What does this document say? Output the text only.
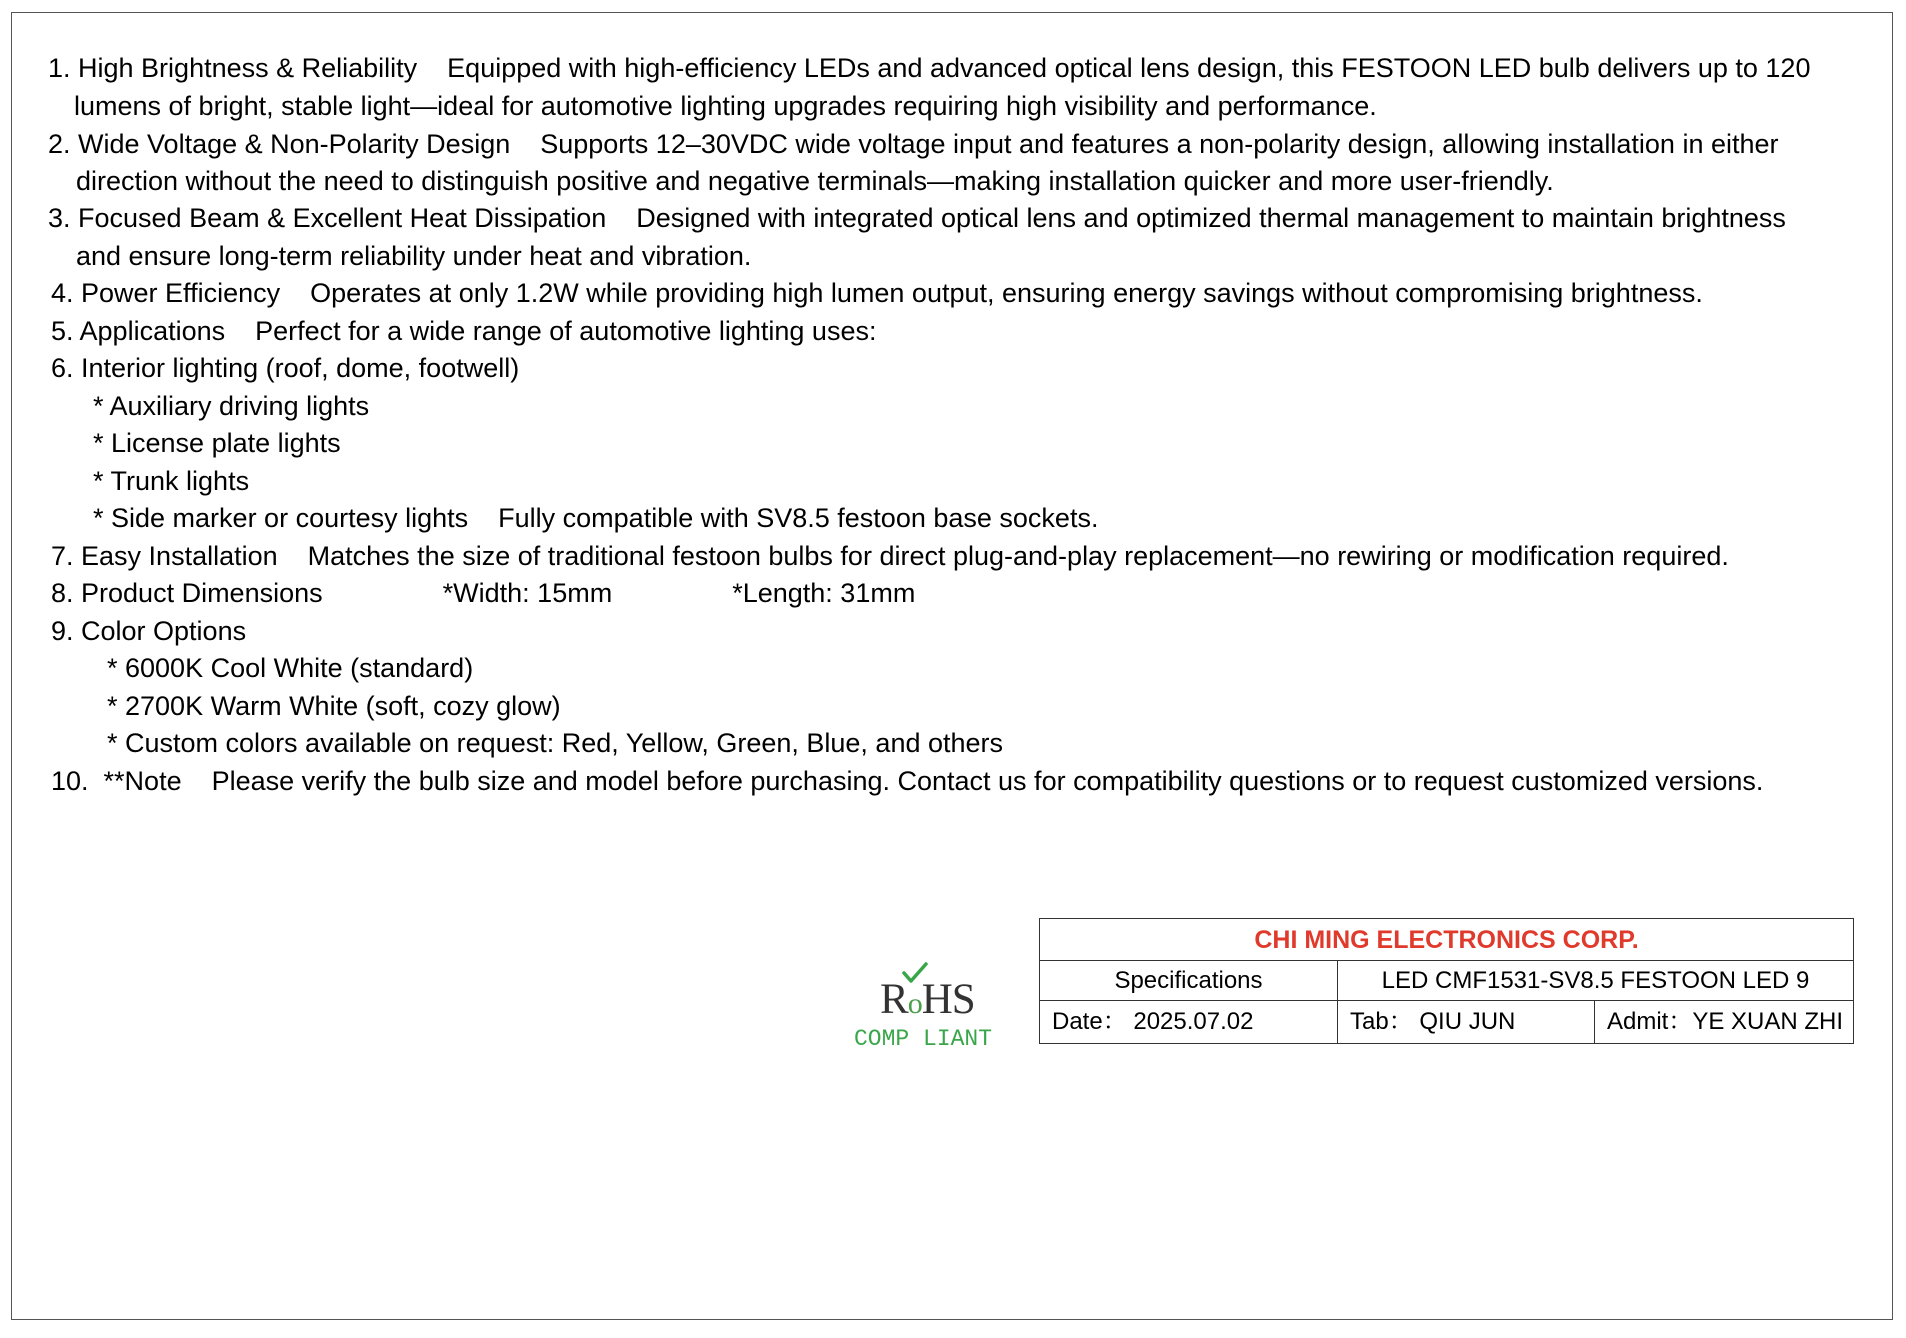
1. High Brightness & Reliability    Equipped with high-efficiency LEDs and advanced optical lens design, this FESTOON LED bulb delivers up to 120
lumens of bright, stable light—ideal for automotive lighting upgrades requiring high visibility and performance.
2. Wide Voltage & Non-Polarity Design    Supports 12–30VDC wide voltage input and features a non-polarity design, allowing installation in either
direction without the need to distinguish positive and negative terminals—making installation quicker and more user-friendly.
3. Focused Beam & Excellent Heat Dissipation    Designed with integrated optical lens and optimized thermal management to maintain brightness
and ensure long-term reliability under heat and vibration.
4. Power Efficiency    Operates at only 1.2W while providing high lumen output, ensuring energy savings without compromising brightness.
5. Applications    Perfect for a wide range of automotive lighting uses:
6. Interior lighting (roof, dome, footwell)
* Auxiliary driving lights
* License plate lights
* Trunk lights
* Side marker or courtesy lights    Fully compatible with SV8.5 festoon base sockets.
7. Easy Installation    Matches the size of traditional festoon bulbs for direct plug-and-play replacement—no rewiring or modification required.
8. Product Dimensions                *Width: 15mm                *Length: 31mm
9. Color Options
* 6000K Cool White (standard)
* 2700K Warm White (soft, cozy glow)
* Custom colors available on request: Red, Yellow, Green, Blue, and others
10.  **Note    Please verify the bulb size and model before purchasing. Contact us for compatibility questions or to request customized versions.
RoHS
COMP LIANT
CHI MING ELECTRONICS CORP.
Specifications	LED CMF1531-SV8.5 FESTOON LED 9
Date： 2025.07.02	Tab： QIU JUN	Admit：YE XUAN ZHI
